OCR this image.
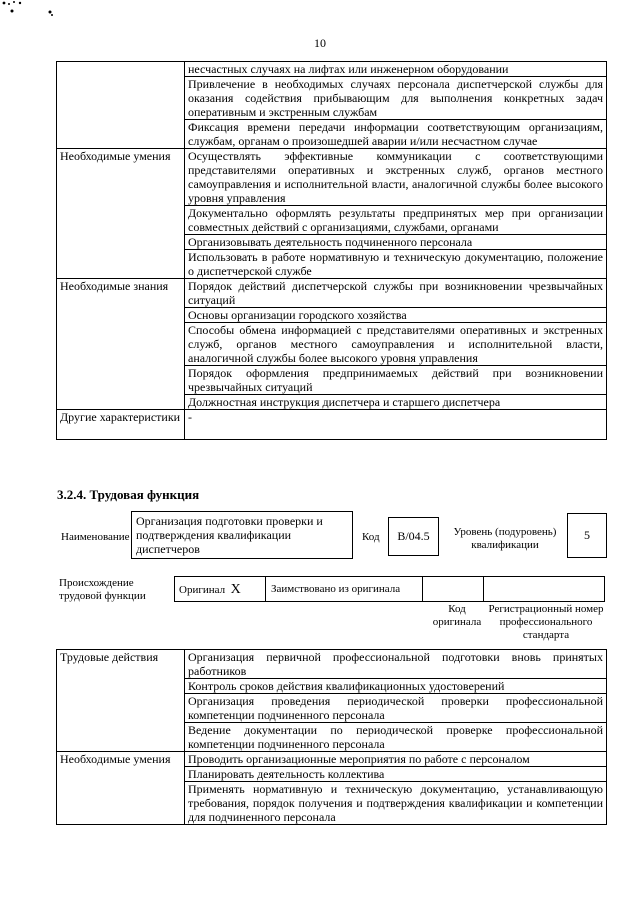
10
	несчастных случаях на лифтах или инженерном оборудовании
	Привлечение в необходимых случаях персонала диспетчерской службы для оказания содействия прибывающим для выполнения конкретных задач оперативным и экстренным службам
	Фиксация времени передачи информации соответствующим организациям, службам, органам о произошедшей аварии и/или несчастном случае
Необходимые умения	Осуществлять эффективные коммуникации с соответствующими представителями оперативных и экстренных служб, органов местного самоуправления и исполнительной власти, аналогичной службы более высокого уровня управления
	Документально оформлять результаты предпринятых мер при организации совместных действий с организациями, службами, органами
	Организовывать деятельность подчиненного персонала
	Использовать в работе нормативную и техническую документацию, положение о диспетчерской службе
Необходимые знания	Порядок действий диспетчерской службы при возникновении чрезвычайных ситуаций
	Основы организации городского хозяйства
	Способы обмена информацией с представителями оперативных и экстренных служб, органов местного самоуправления и исполнительной власти, аналогичной службы более высокого уровня управления
	Порядок оформления предпринимаемых действий при возникновении чрезвычайных ситуаций
	Должностная инструкция диспетчера и старшего диспетчера
Другие характеристики	-
3.2.4. Трудовая функция
Наименование
Организация подготовки проверки и подтверждения квалификации диспетчеров
Код	B/04.5	Уровень (подуровень) квалификации
5
Происхождение трудовой функции	Оригинал X	Заимствовано из оригинала
Код оригинала
Регистрационный номер профессионального стандарта
Трудовые действия	Организация первичной профессиональной подготовки вновь принятых работников
	Контроль сроков действия квалификационных удостоверений
	Организация проведения периодической проверки профессиональной компетенции подчиненного персонала
	Ведение документации по периодической проверке профессиональной компетенции подчиненного персонала
Необходимые умения	Проводить организационные мероприятия по работе с персоналом
	Планировать деятельность коллектива
	Применять нормативную и техническую документацию, устанавливающую требования, порядок получения и подтверждения квалификации и компетенции для подчиненного персонала
